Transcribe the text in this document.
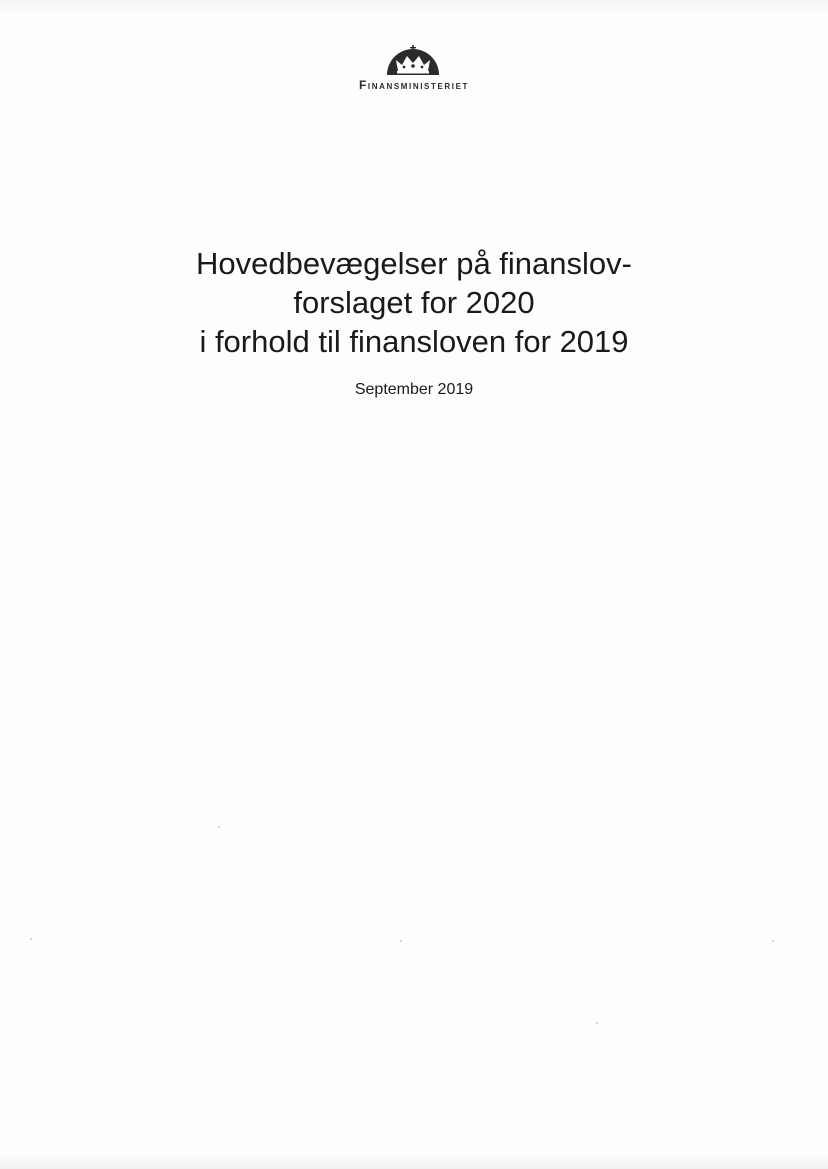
Finansministeriet
Hovedbevægelser på finanslov-
forslaget for 2020
i forhold til finansloven for 2019
September 2019
